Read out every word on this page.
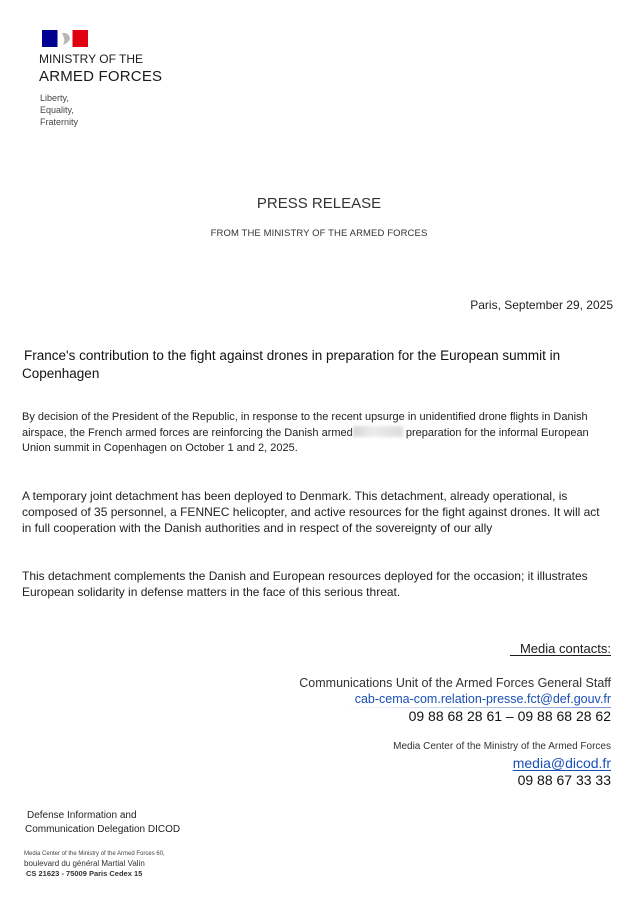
MINISTRY OF THE
ARMED FORCES
Liberty,
Equality,
Fraternity
PRESS RELEASE
FROM THE MINISTRY OF THE ARMED FORCES
Paris, September 29, 2025
France's contribution to the fight against drones in preparation for the European summit in Copenhagen
By decision of the President of the Republic, in response to the recent upsurge in unidentified drone flights in Danish airspace, the French armed forces are reinforcing the Danish armed	preparation for the informal European Union summit in Copenhagen on October 1 and 2, 2025.
A temporary joint detachment has been deployed to Denmark. This detachment, already operational, is composed of 35 personnel, a FENNEC helicopter, and active resources for the fight against drones. It will act in full cooperation with the Danish authorities and in respect of the sovereignty of our ally
This detachment complements the Danish and European resources deployed for the occasion; it illustrates European solidarity in defense matters in the face of this serious threat.
Media contacts:
Communications Unit of the Armed Forces General Staff
cab-cema-com.relation-presse.fct@def.gouv.fr
09 88 68 28 61 – 09 88 68 28 62
Media Center of the Ministry of the Armed Forces
media@dicod.fr
09 88 67 33 33
Defense Information and
Communication Delegation DICOD
Media Center of the Ministry of the Armed Forces 60,
boulevard du général Martial Valin
CS 21623 - 75009 Paris Cedex 15
